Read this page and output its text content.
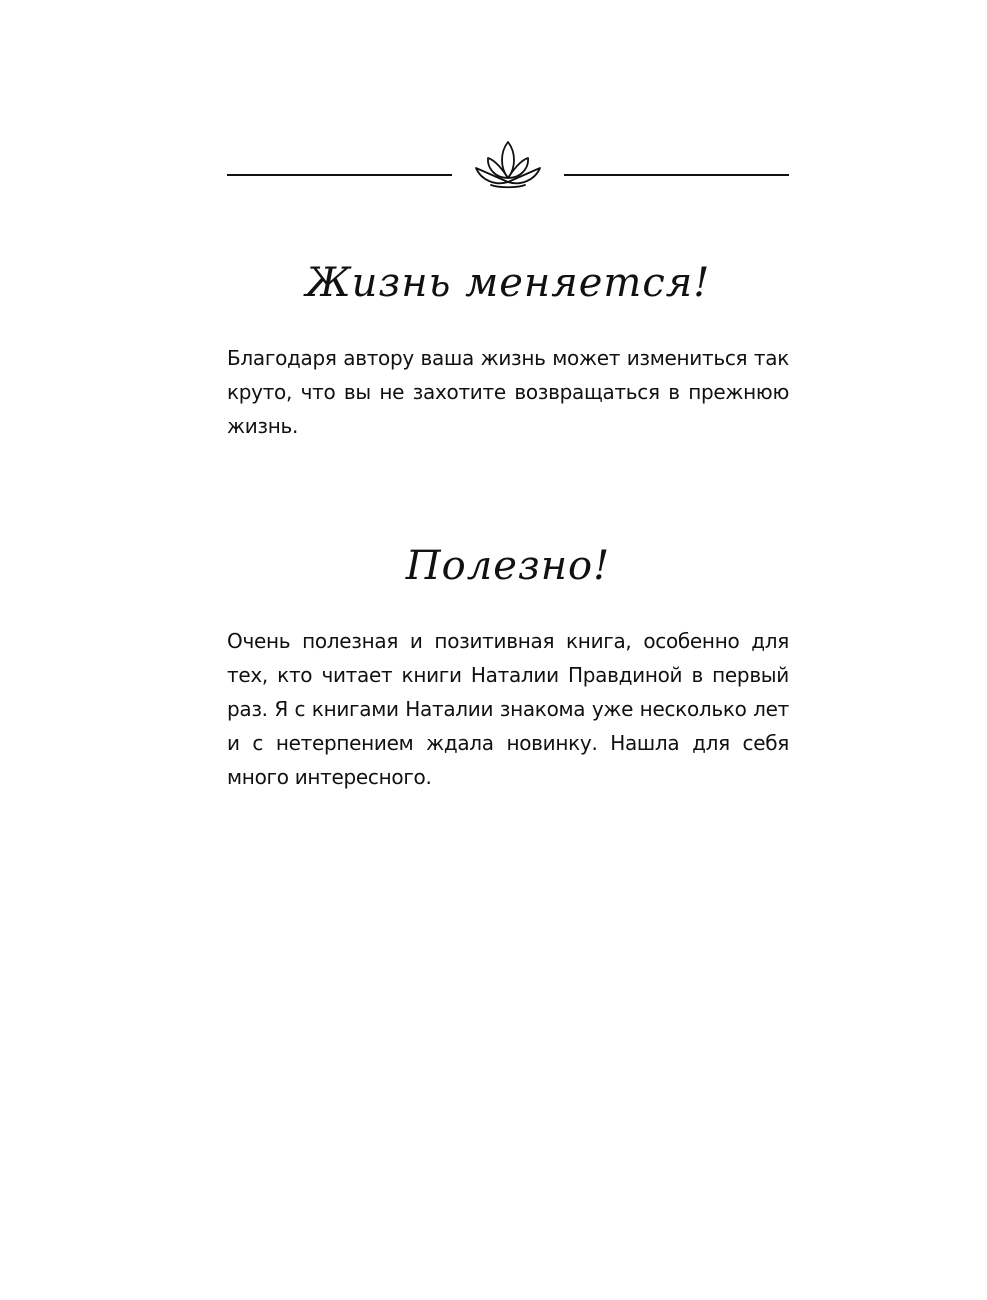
Жизнь меняется!

Благодаря автору ваша жизнь может измениться так круто, что вы не захотите возвращаться в прежнюю жизнь.

Полезно!

Очень полезная и позитивная книга, особенно для тех, кто читает книги Наталии Правдиной в первый раз. Я с книгами Наталии знакома уже несколько лет и с нетерпением ждала новинку. Нашла для себя много интересного.
